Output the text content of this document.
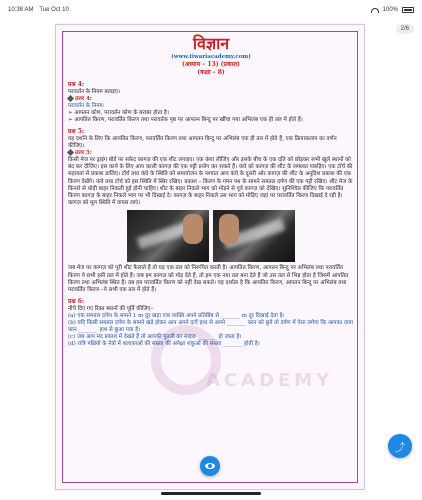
10:38 AM Tue Oct 10	100%
2/6
ACADEMY
विज्ञान
(www.tiwariacademy.com)
(अध्याय – 13) (प्रकाश)
(कक्षा – 8)
प्रश्न 4:
परावर्तन के नियम बताइए।
उत्तर 4:
परावर्तन के नियम:
➢ आपतन कोण, परावर्तन कोण के बराबर होता है।
➢ आपतित किरण, परावर्तित किरण तथा परावर्तक पृष्ठ पर आपतन बिन्दु पर खींचा गया अभिलंब एक ही तल में होते हैं।
प्रश्न 5:
यह दर्शाने के लिए कि आपतित किरण, परावर्तित किरण तथा आपतन बिन्दु पर अभिलंब एक ही तल में होते हैं, एक क्रियाकलाप का वर्णन कीजिए।
उत्तर 5:
किसी मेज पर ड्राइंग बोर्ड पर सफ़ेद कागज़ की एक शीट लगाइए। एक कंघा लीजिए और इसके बीच के एक दाँते को छोड़कर सभी खुले स्थानों को बंद कर दीजिए। इस कार्य के लिए आप काली कागज़ की एक पट्टी प्रयोग कर सकते हैं। कंघे को कागज़ की शीट के लम्बवत पकड़िए। एक टॉर्च की सहायता से प्रकाश डालिए। टॉर्च तथा कंघे के स्थिति को समायोजन के पश्चात आप कंघे के दूसरी ओर कागज़ की शीट के अनुदिश प्रकाश की एक किरण देखेंगे। कंघे तथा टॉर्च को इस स्थिति में स्थिर रखिए। प्रकाश – किरण के गमन पथ के सामने समतल दर्पण की एक पट्टी रखिए। शीट मेज के किनारे से थोड़ी बाहर निकली हुई होनी चाहिए। शीट के बाहर निकले भाग को मोड़ने से पूर्व कागज़ को देखिए। सुनिश्चित कीजिए कि परावर्तित किरण कागज़ के बाहर निकले भाग पर भी दिखाई दे। कागज़ के बाहर निकले उस भाग को मोड़िए जहां पर परावर्तित किरण दिखाई दे रही है। कागज़ को मूल स्थिति में वापस लाएं।
जब मेज पर कागज़ को पूरी शीट फैलाते हैं तो यह एक तल को निरूपित करती है। आपतित किरण, आपतन बिन्दु पर अभिलंब तथा परावर्तित किरण ये सभी इसी तल में होते हैं। जब हम कागज़ को मोड़ देते हैं, तो हम एक नया तल बना देते हैं जो उस तल से भिन्न होता है जिसमें आपतित किरण तथा अभिलंब स्थित हैं। तब हम परावर्तित किरण को नहीं देख सकते। यह दर्शाता है कि आपतित किरण, आपतन बिन्दु पर अभिलंब तथा परावर्तित किरण –ये सभी एक तल में होते हैं।
प्रश्न 6:
नीचे दिए गए रिक्त स्थानों की पूर्ति कीजिए–
(a) एक समतल दर्पण के सामने 1 m दूर खड़ा एक व्यक्ति अपने प्रतिबिंब से _______ m दूर दिखाई देता है।
(b) यदि किसी समतल दर्पण के सामने खड़े होकर आप अपने दाएँ हाथ से अपने _______ कान को छूते तो दर्पण में ऐसा लगेगा कि आपका दाया कान _______ हाथ से छुआ गया है।
(c) जब आप मंद प्रकाश में देखते हैं तो आपकी पुतली का साइज़ _______ हो जाता है।
(d) रात्रि पक्षियों के नेत्रों में शलाकाओं की संख्या की अपेक्षा शंकुओं की संख्या _______ होती है।
⤴
